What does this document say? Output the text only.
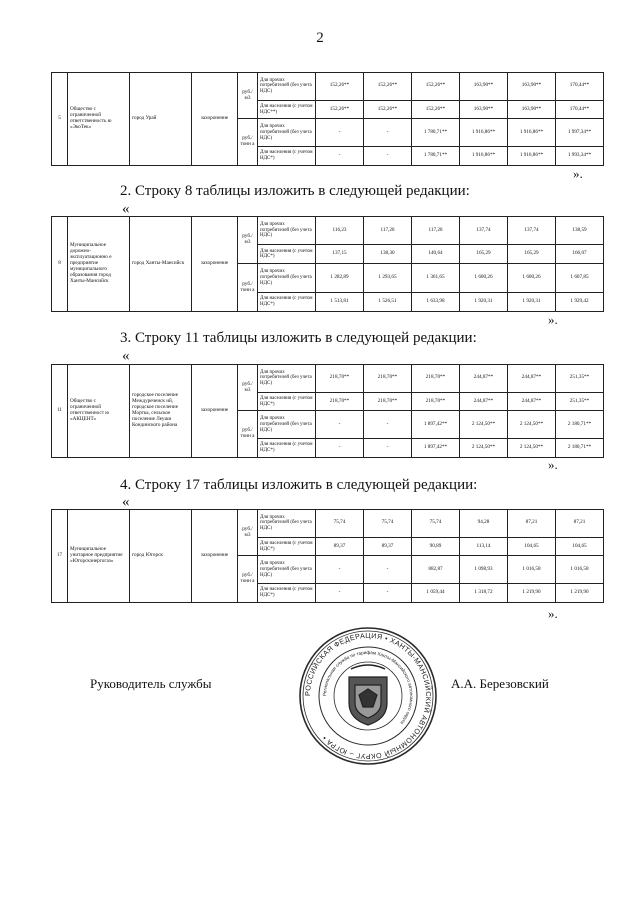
2
5	Общество с ограниченной ответственность ю «ЭкоТек»	город Урай	захоронение	руб./ м3	Для прочих потребителей (без учета НДС)	152,26**	152,26**	152,26**	163,90**	163,90**	170,44**
					Для населения (с учетом НДС**)	152,26**	152,26**	152,26**	163,90**	163,90**	170,44**
				руб./ тонн а	Для прочих потребителей (без учета НДС)	-	-	1 780,71**	1 916,86**	1 916,86**	1 997,34**
					Для населения (с учетом НДС*)	-	-	1 780,71**	1 916,86**	1 916,86**	1 993,34**
».
2. Строку 8 таблицы изложить в следующей редакции:
«
8	Муниципальное дорожно-эксплуатационно е предприятие муниципального образования город Ханты-Мансийск	город Ханты-Мансийск	захоронение	руб./ м3	Для прочих потребителей (без учета НДС)	116,23	117,20	117,20	137,74	137,74	138,59
					Для населения (с учетом НДС*)	137,15	138,30	140,64	165,29	165,29	166,07
				руб./ тонн а	Для прочих потребителей (без учета НДС)	1 282,89	1 293,65	1 361,65	1 600,26	1 600,26	1 607,85
					Для населения (с учетом НДС*)	1 513,81	1 526,51	1 633,98	1 920,31	1 920,31	1 929,42
».
3. Строку 11 таблицы изложить в следующей редакции:
«
11	Общество с ограниченной ответственност ю «АКЦЕНТ»	городское поселение Междуреченск ий, городское поселение Мортка, сельское поселение Леуши Кондинского района	захоронение	руб./ м3	Для прочих потребителей (без учета НДС)	218,70**	218,70**	218,70**	244,87**	244,87**	251,35**
					Для населения (с учетом НДС*)	218,70**	218,70**	218,70**	244,87**	244,87**	251,35**
				руб./ тонн а	Для прочих потребителей (без учета НДС)	-	-	1 897,42**	2 124,50**	2 124,50**	2 180,71**
					Для населения (с учетом НДС*)	-	-	1 897,42**	2 124,50**	2 124,50**	2 180,71**
».
4. Строку 17 таблицы изложить в следующей редакции:
«
17	Муниципальное унитарное предприятие «Югорскэнергогаз»	город Югорск	захоронение	руб./ м3	Для прочих потребителей (без учета НДС)	75,74	75,74	75,74	94,28	87,21	87,21
					Для населения (с учетом НДС*)	89,37	89,37	90,89	113,14	104,65	104,65
				руб./ тонн а	Для прочих потребителей (без учета НДС)	-	-	882,87	1 098,93	1 016,58	1 016,58
					Для населения (с учетом НДС*)	-	-	1 059,44	1 318,72	1 219,90	1 219,90
».
Руководитель службы	А.А. Березовский
РОССИЙСКАЯ ФЕДЕРАЦИЯ • ХАНТЫ-МАНСИЙСКИЙ АВТОНОМНЫЙ ОКРУГ – ЮГРА •
Региональная служба по тарифам Ханты-Мансийского автономного округа
